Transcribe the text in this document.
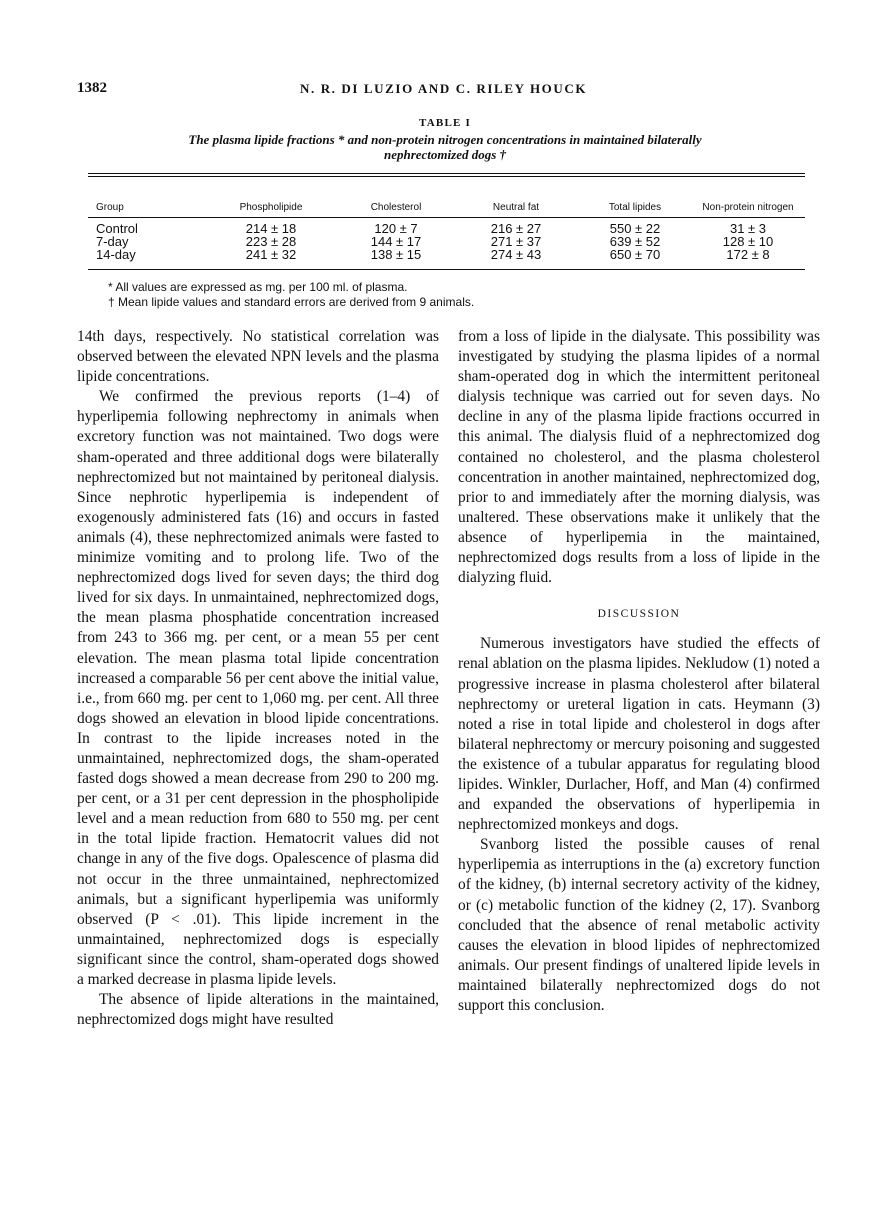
1382	N. R. DI LUZIO AND C. RILEY HOUCK
TABLE I
The plasma lipide fractions * and non-protein nitrogen concentrations in maintained bilaterally nephrectomized dogs †
Group	Phospholipide	Cholesterol	Neutral fat	Total lipides	Non-protein nitrogen
Control	214 ± 18	120 ± 7	216 ± 27	550 ± 22	31 ± 3
7-day	223 ± 28	144 ± 17	271 ± 37	639 ± 52	128 ± 10
14-day	241 ± 32	138 ± 15	274 ± 43	650 ± 70	172 ± 8
* All values are expressed as mg. per 100 ml. of plasma.
† Mean lipide values and standard errors are derived from 9 animals.

14th days, respectively. No statistical correlation was observed between the elevated NPN levels and the plasma lipide concentrations.

We confirmed the previous reports (1–4) of hyperlipemia following nephrectomy in animals when excretory function was not maintained. Two dogs were sham-operated and three additional dogs were bilaterally nephrectomized but not maintained by peritoneal dialysis. Since nephrotic hyperlipemia is independent of exogenously administered fats (16) and occurs in fasted animals (4), these nephrectomized animals were fasted to minimize vomiting and to prolong life. Two of the nephrectomized dogs lived for seven days; the third dog lived for six days. In unmaintained, nephrectomized dogs, the mean plasma phosphatide concentration increased from 243 to 366 mg. per cent, or a mean 55 per cent elevation. The mean plasma total lipide concentration increased a comparable 56 per cent above the initial value, i.e., from 660 mg. per cent to 1,060 mg. per cent. All three dogs showed an elevation in blood lipide concentrations. In contrast to the lipide increases noted in the unmaintained, nephrectomized dogs, the sham-operated fasted dogs showed a mean decrease from 290 to 200 mg. per cent, or a 31 per cent depression in the phospholipide level and a mean reduction from 680 to 550 mg. per cent in the total lipide fraction. Hematocrit values did not change in any of the five dogs. Opalescence of plasma did not occur in the three unmaintained, nephrectomized animals, but a significant hyperlipemia was uniformly observed (P < .01). This lipide increment in the unmaintained, nephrectomized dogs is especially significant since the control, sham-operated dogs showed a marked decrease in plasma lipide levels.

The absence of lipide alterations in the maintained, nephrectomized dogs might have resulted

from a loss of lipide in the dialysate. This possibility was investigated by studying the plasma lipides of a normal sham-operated dog in which the intermittent peritoneal dialysis technique was carried out for seven days. No decline in any of the plasma lipide fractions occurred in this animal. The dialysis fluid of a nephrectomized dog contained no cholesterol, and the plasma cholesterol concentration in another maintained, nephrectomized dog, prior to and immediately after the morning dialysis, was unaltered. These observations make it unlikely that the absence of hyperlipemia in the maintained, nephrectomized dogs results from a loss of lipide in the dialyzing fluid.

DISCUSSION

Numerous investigators have studied the effects of renal ablation on the plasma lipides. Nekludow (1) noted a progressive increase in plasma cholesterol after bilateral nephrectomy or ureteral ligation in cats. Heymann (3) noted a rise in total lipide and cholesterol in dogs after bilateral nephrectomy or mercury poisoning and suggested the existence of a tubular apparatus for regulating blood lipides. Winkler, Durlacher, Hoff, and Man (4) confirmed and expanded the observations of hyperlipemia in nephrectomized monkeys and dogs.

Svanborg listed the possible causes of renal hyperlipemia as interruptions in the (a) excretory function of the kidney, (b) internal secretory activity of the kidney, or (c) metabolic function of the kidney (2, 17). Svanborg concluded that the absence of renal metabolic activity causes the elevation in blood lipides of nephrectomized animals. Our present findings of unaltered lipide levels in maintained bilaterally nephrectomized dogs do not support this conclusion.
